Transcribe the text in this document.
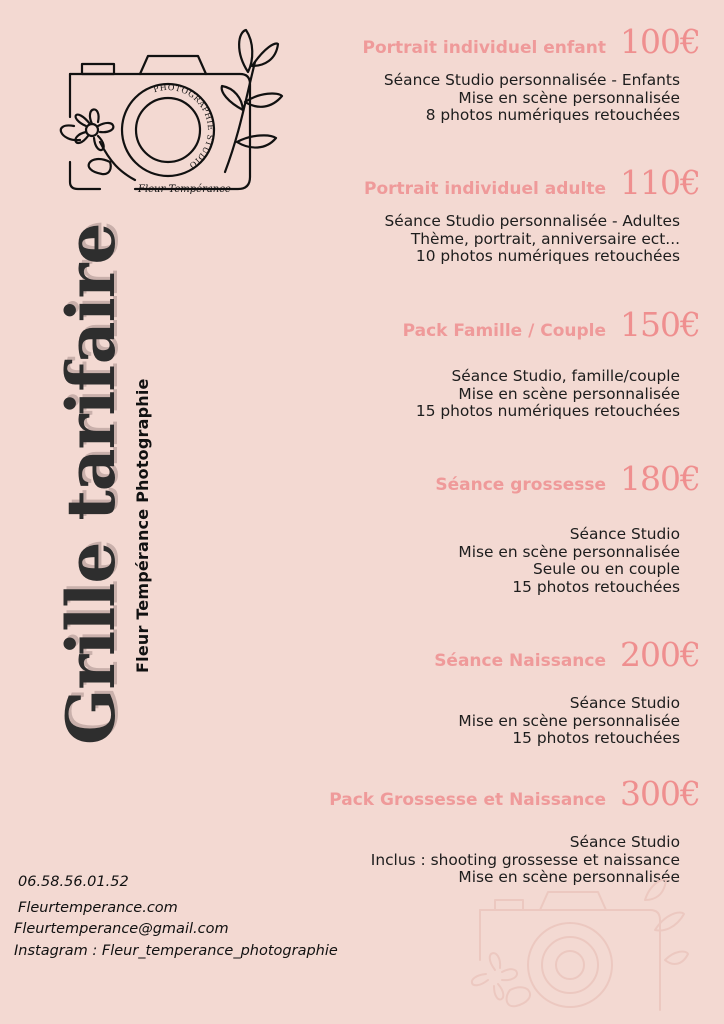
PHOTOGRAPHIE STUDIO
Fleur Tempérance
Grille tarifaire Fleur Tempérance Photographie
Portrait individuel enfant 100€
Séance Studio personnalisée - Enfants
Mise en scène personnalisée
8 photos numériques retouchées
Portrait individuel adulte 110€
Séance Studio personnalisée - Adultes
Thème, portrait, anniversaire ect...
10 photos numériques retouchées
Pack Famille / Couple 150€
Séance Studio, famille/couple
Mise en scène personnalisée
15 photos numériques retouchées
Séance grossesse 180€
Séance Studio
Mise en scène personnalisée
Seule ou en couple
15 photos retouchées
Séance Naissance 200€
Séance Studio
Mise en scène personnalisée
15 photos retouchées
Pack Grossesse et Naissance 300€
Séance Studio
Inclus : shooting grossesse et naissance
Mise en scène personnalisée
06.58.56.01.52
Fleurtemperance.com
Fleurtemperance@gmail.com
Instagram : Fleur_temperance_photographie
